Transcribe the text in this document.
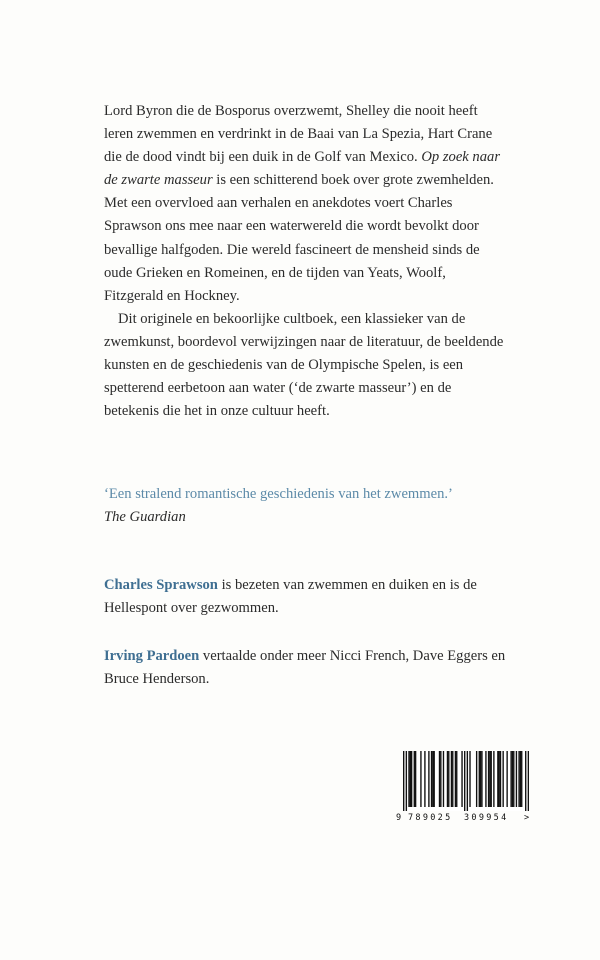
Lord Byron die de Bosporus overzwemt, Shelley die nooit heeft leren zwemmen en verdrinkt in de Baai van La Spezia, Hart Crane die de dood vindt bij een duik in de Golf van Mexico. Op zoek naar de zwarte masseur is een schitterend boek over grote zwemhelden. Met een overvloed aan verhalen en anekdotes voert Charles Sprawson ons mee naar een waterwereld die wordt bevolkt door bevallige halfgoden. Die wereld fascineert de mensheid sinds de oude Grieken en Romeinen, en de tijden van Yeats, Woolf, Fitzgerald en Hockney.

Dit originele en bekoorlijke cultboek, een klassieker van de zwemkunst, boordevol verwijzingen naar de literatuur, de beeldende kunsten en de geschiedenis van de Olympische Spelen, is een spetterend eerbetoon aan water (‘de zwarte masseur’) en de betekenis die het in onze cultuur heeft.

‘Een stralend romantische geschiedenis van het zwemmen.’

The Guardian

Charles Sprawson is bezeten van zwemmen en duiken en is de Hellespont over gezwommen.

Irving Pardoen vertaalde onder meer Nicci French, Dave Eggers en Bruce Henderson.

9 789025 309954 >
